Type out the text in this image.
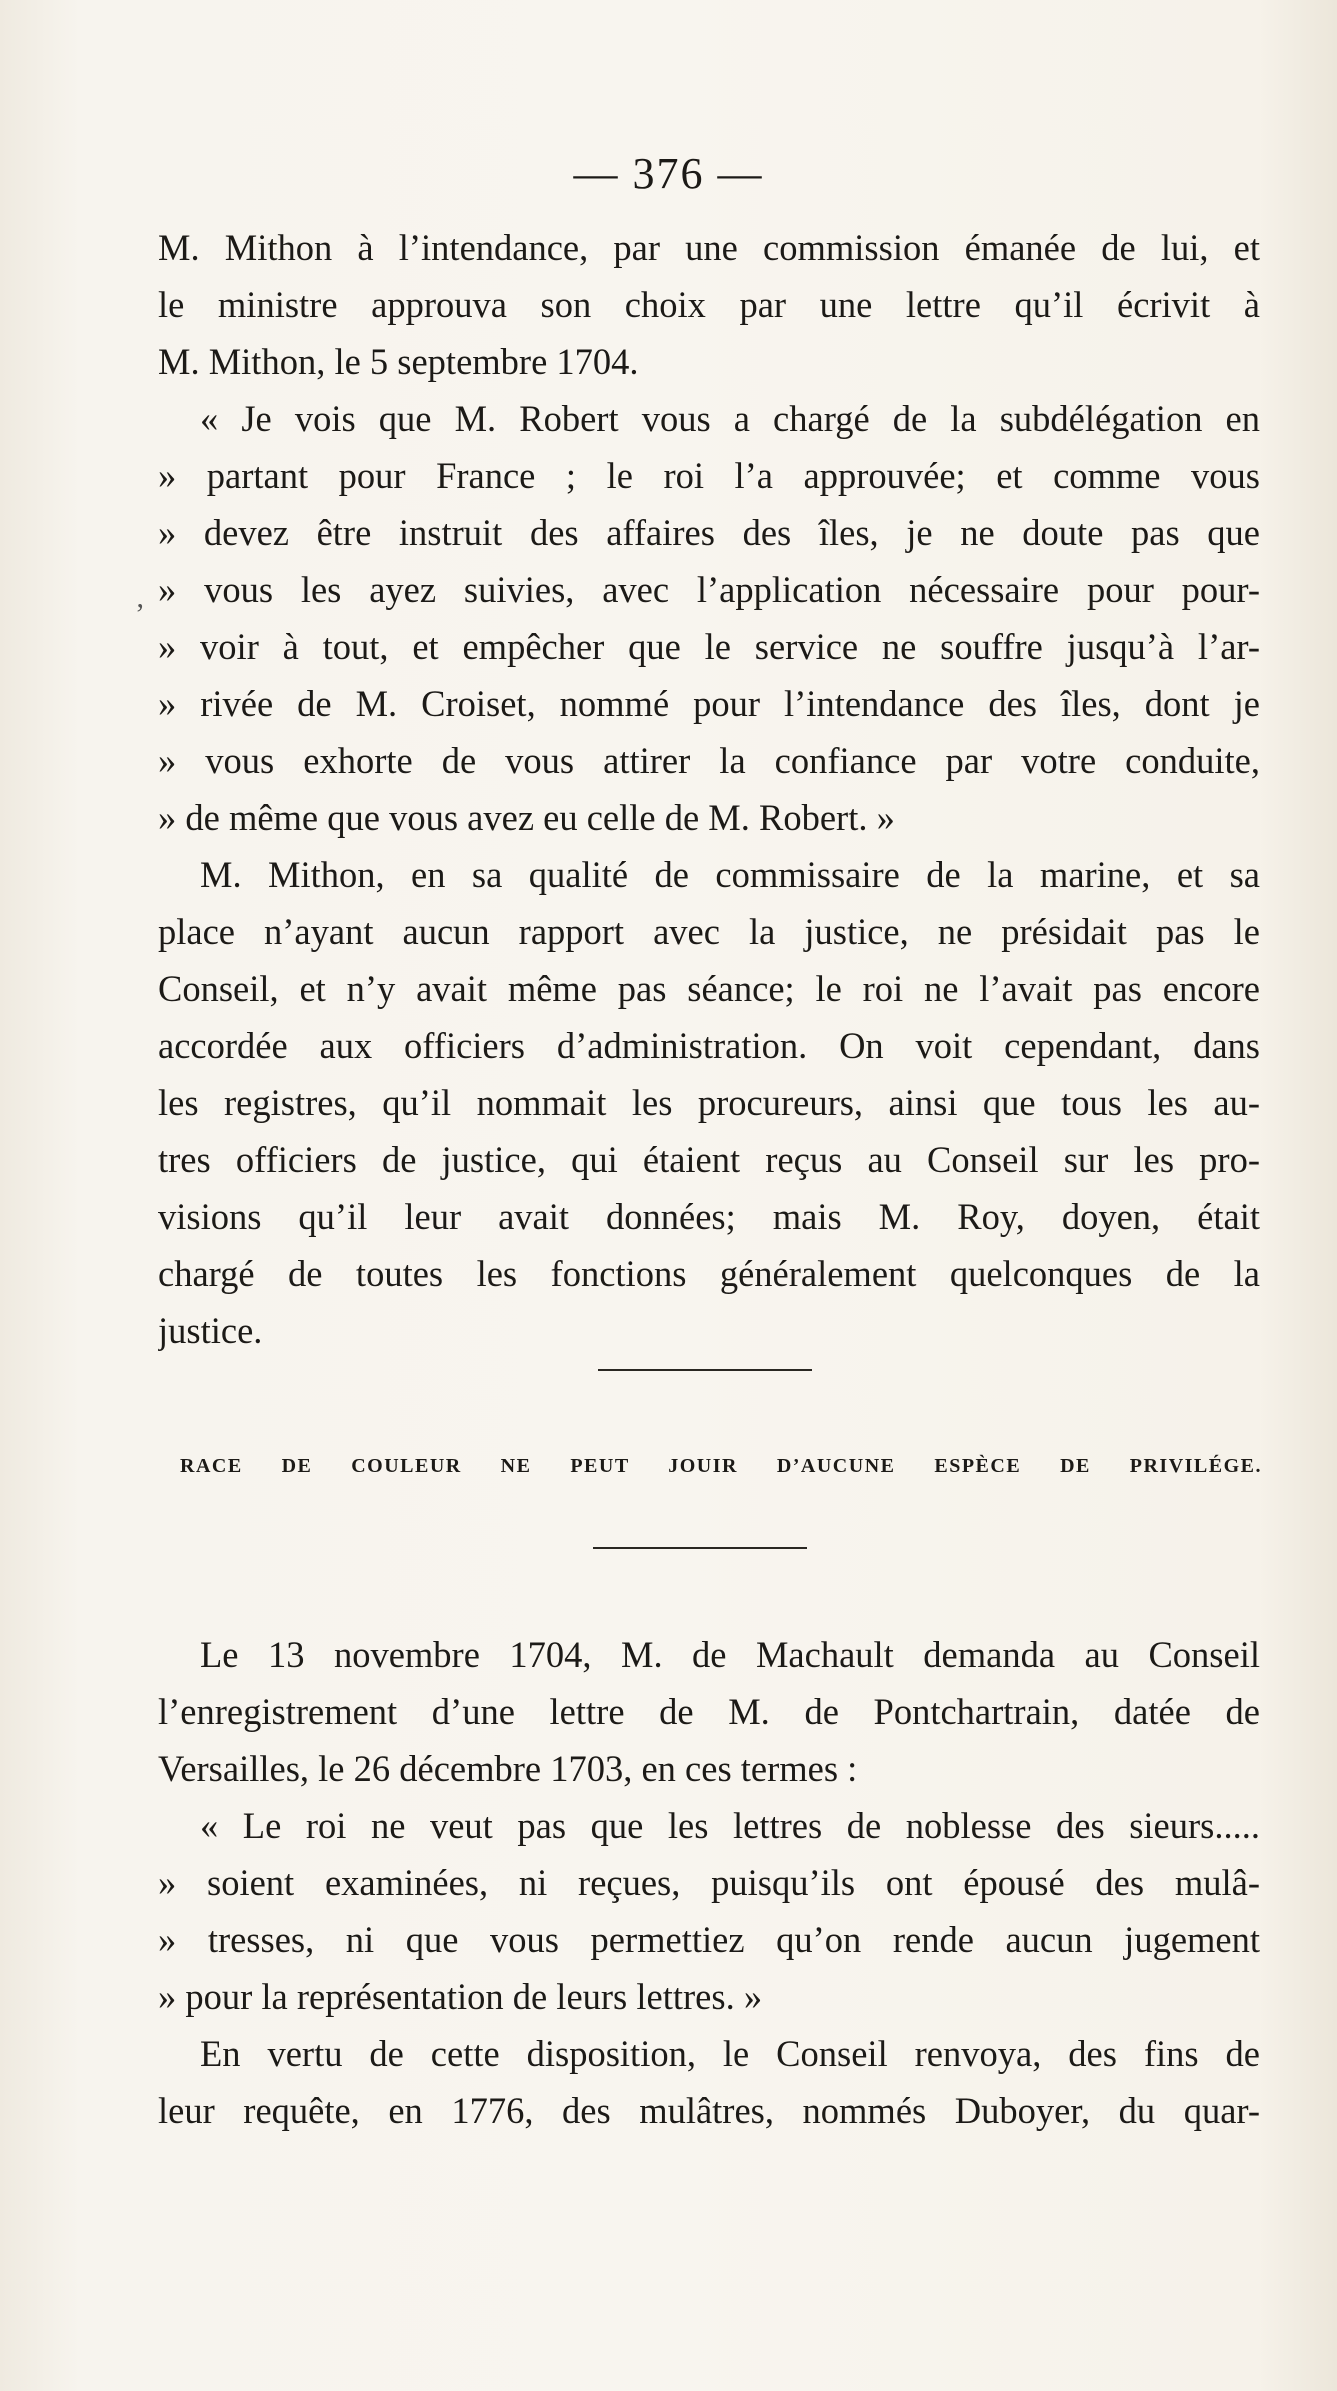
— 376 —
ʼ
M. Mithon à l’intendance, par une commission émanée de lui, et
le ministre approuva son choix par une lettre qu’il écrivit à
M. Mithon, le 5 septembre 1704.
« Je vois que M. Robert vous a chargé de la subdélégation en
» partant pour France ; le roi l’a approuvée; et comme vous
» devez être instruit des affaires des îles, je ne doute pas que
» vous les ayez suivies, avec l’application nécessaire pour pour-
» voir à tout, et empêcher que le service ne souffre jusqu’à l’ar-
» rivée de M. Croiset, nommé pour l’intendance des îles, dont je
» vous exhorte de vous attirer la confiance par votre conduite,
» de même que vous avez eu celle de M. Robert. »
M. Mithon, en sa qualité de commissaire de la marine, et sa
place n’ayant aucun rapport avec la justice, ne présidait pas le
Conseil, et n’y avait même pas séance; le roi ne l’avait pas encore
accordée aux officiers d’administration. On voit cependant, dans
les registres, qu’il nommait les procureurs, ainsi que tous les au-
tres officiers de justice, qui étaient reçus au Conseil sur les pro-
visions qu’il leur avait données; mais M. Roy, doyen, était
chargé de toutes les fonctions généralement quelconques de la
justice.
RACE DE COULEUR NE PEUT JOUIR D’AUCUNE ESPÈCE DE PRIVILÉGE.
Le 13 novembre 1704, M. de Machault demanda au Conseil
l’enregistrement d’une lettre de M. de Pontchartrain, datée de
Versailles, le 26 décembre 1703, en ces termes :
« Le roi ne veut pas que les lettres de noblesse des sieurs.....
» soient examinées, ni reçues, puisqu’ils ont épousé des mulâ-
» tresses, ni que vous permettiez qu’on rende aucun jugement
» pour la représentation de leurs lettres. »
En vertu de cette disposition, le Conseil renvoya, des fins de
leur requête, en 1776, des mulâtres, nommés Duboyer, du quar-
